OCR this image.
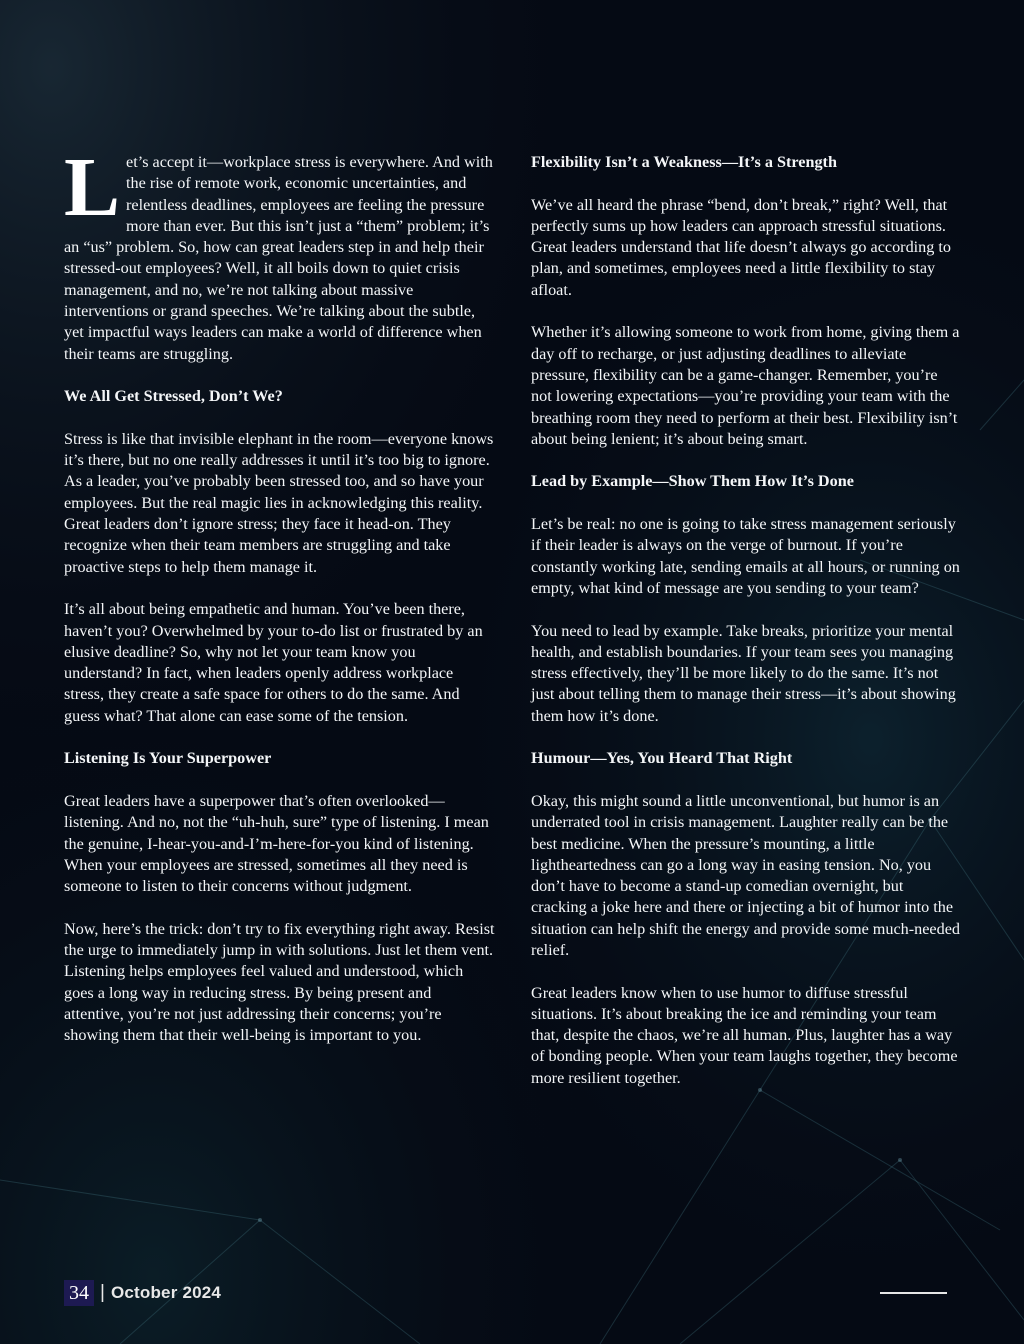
Let’s accept it—workplace stress is everywhere. And with the rise of remote work, economic uncertainties, and relentless deadlines, employees are feeling the pressure more than ever. But this isn’t just a “them” problem; it’s an “us” problem. So, how can great leaders step in and help their stressed-out employees? Well, it all boils down to quiet crisis management, and no, we’re not talking about massive interventions or grand speeches. We’re talking about the subtle, yet impactful ways leaders can make a world of difference when their teams are struggling.

We All Get Stressed, Don’t We?

Stress is like that invisible elephant in the room—everyone knows it’s there, but no one really addresses it until it’s too big to ignore. As a leader, you’ve probably been stressed too, and so have your employees. But the real magic lies in acknowledging this reality. Great leaders don’t ignore stress; they face it head-on. They recognize when their team members are struggling and take proactive steps to help them manage it.

It’s all about being empathetic and human. You’ve been there, haven’t you? Overwhelmed by your to-do list or frustrated by an elusive deadline? So, why not let your team know you understand? In fact, when leaders openly address workplace stress, they create a safe space for others to do the same. And guess what? That alone can ease some of the tension.

Listening Is Your Superpower

Great leaders have a superpower that’s often overlooked—listening. And no, not the “uh-huh, sure” type of listening. I mean the genuine, I-hear-you-and-I’m-here-for-you kind of listening. When your employees are stressed, sometimes all they need is someone to listen to their concerns without judgment.

Now, here’s the trick: don’t try to fix everything right away. Resist the urge to immediately jump in with solutions. Just let them vent. Listening helps employees feel valued and understood, which goes a long way in reducing stress. By being present and attentive, you’re not just addressing their concerns; you’re showing them that their well-being is important to you.

Flexibility Isn’t a Weakness—It’s a Strength

We’ve all heard the phrase “bend, don’t break,” right? Well, that perfectly sums up how leaders can approach stressful situations. Great leaders understand that life doesn’t always go according to plan, and sometimes, employees need a little flexibility to stay afloat.

Whether it’s allowing someone to work from home, giving them a day off to recharge, or just adjusting deadlines to alleviate pressure, flexibility can be a game-changer. Remember, you’re not lowering expectations—you’re providing your team with the breathing room they need to perform at their best. Flexibility isn’t about being lenient; it’s about being smart.

Lead by Example—Show Them How It’s Done

Let’s be real: no one is going to take stress management seriously if their leader is always on the verge of burnout. If you’re constantly working late, sending emails at all hours, or running on empty, what kind of message are you sending to your team?

You need to lead by example. Take breaks, prioritize your mental health, and establish boundaries. If your team sees you managing stress effectively, they’ll be more likely to do the same. It’s not just about telling them to manage their stress—it’s about showing them how it’s done.

Humour—Yes, You Heard That Right

Okay, this might sound a little unconventional, but humor is an underrated tool in crisis management. Laughter really can be the best medicine. When the pressure’s mounting, a little lightheartedness can go a long way in easing tension. No, you don’t have to become a stand-up comedian overnight, but cracking a joke here and there or injecting a bit of humor into the situation can help shift the energy and provide some much-needed relief.

Great leaders know when to use humor to diffuse stressful situations. It’s about breaking the ice and reminding your team that, despite the chaos, we’re all human. Plus, laughter has a way of bonding people. When your team laughs together, they become more resilient together.

34 | October 2024
